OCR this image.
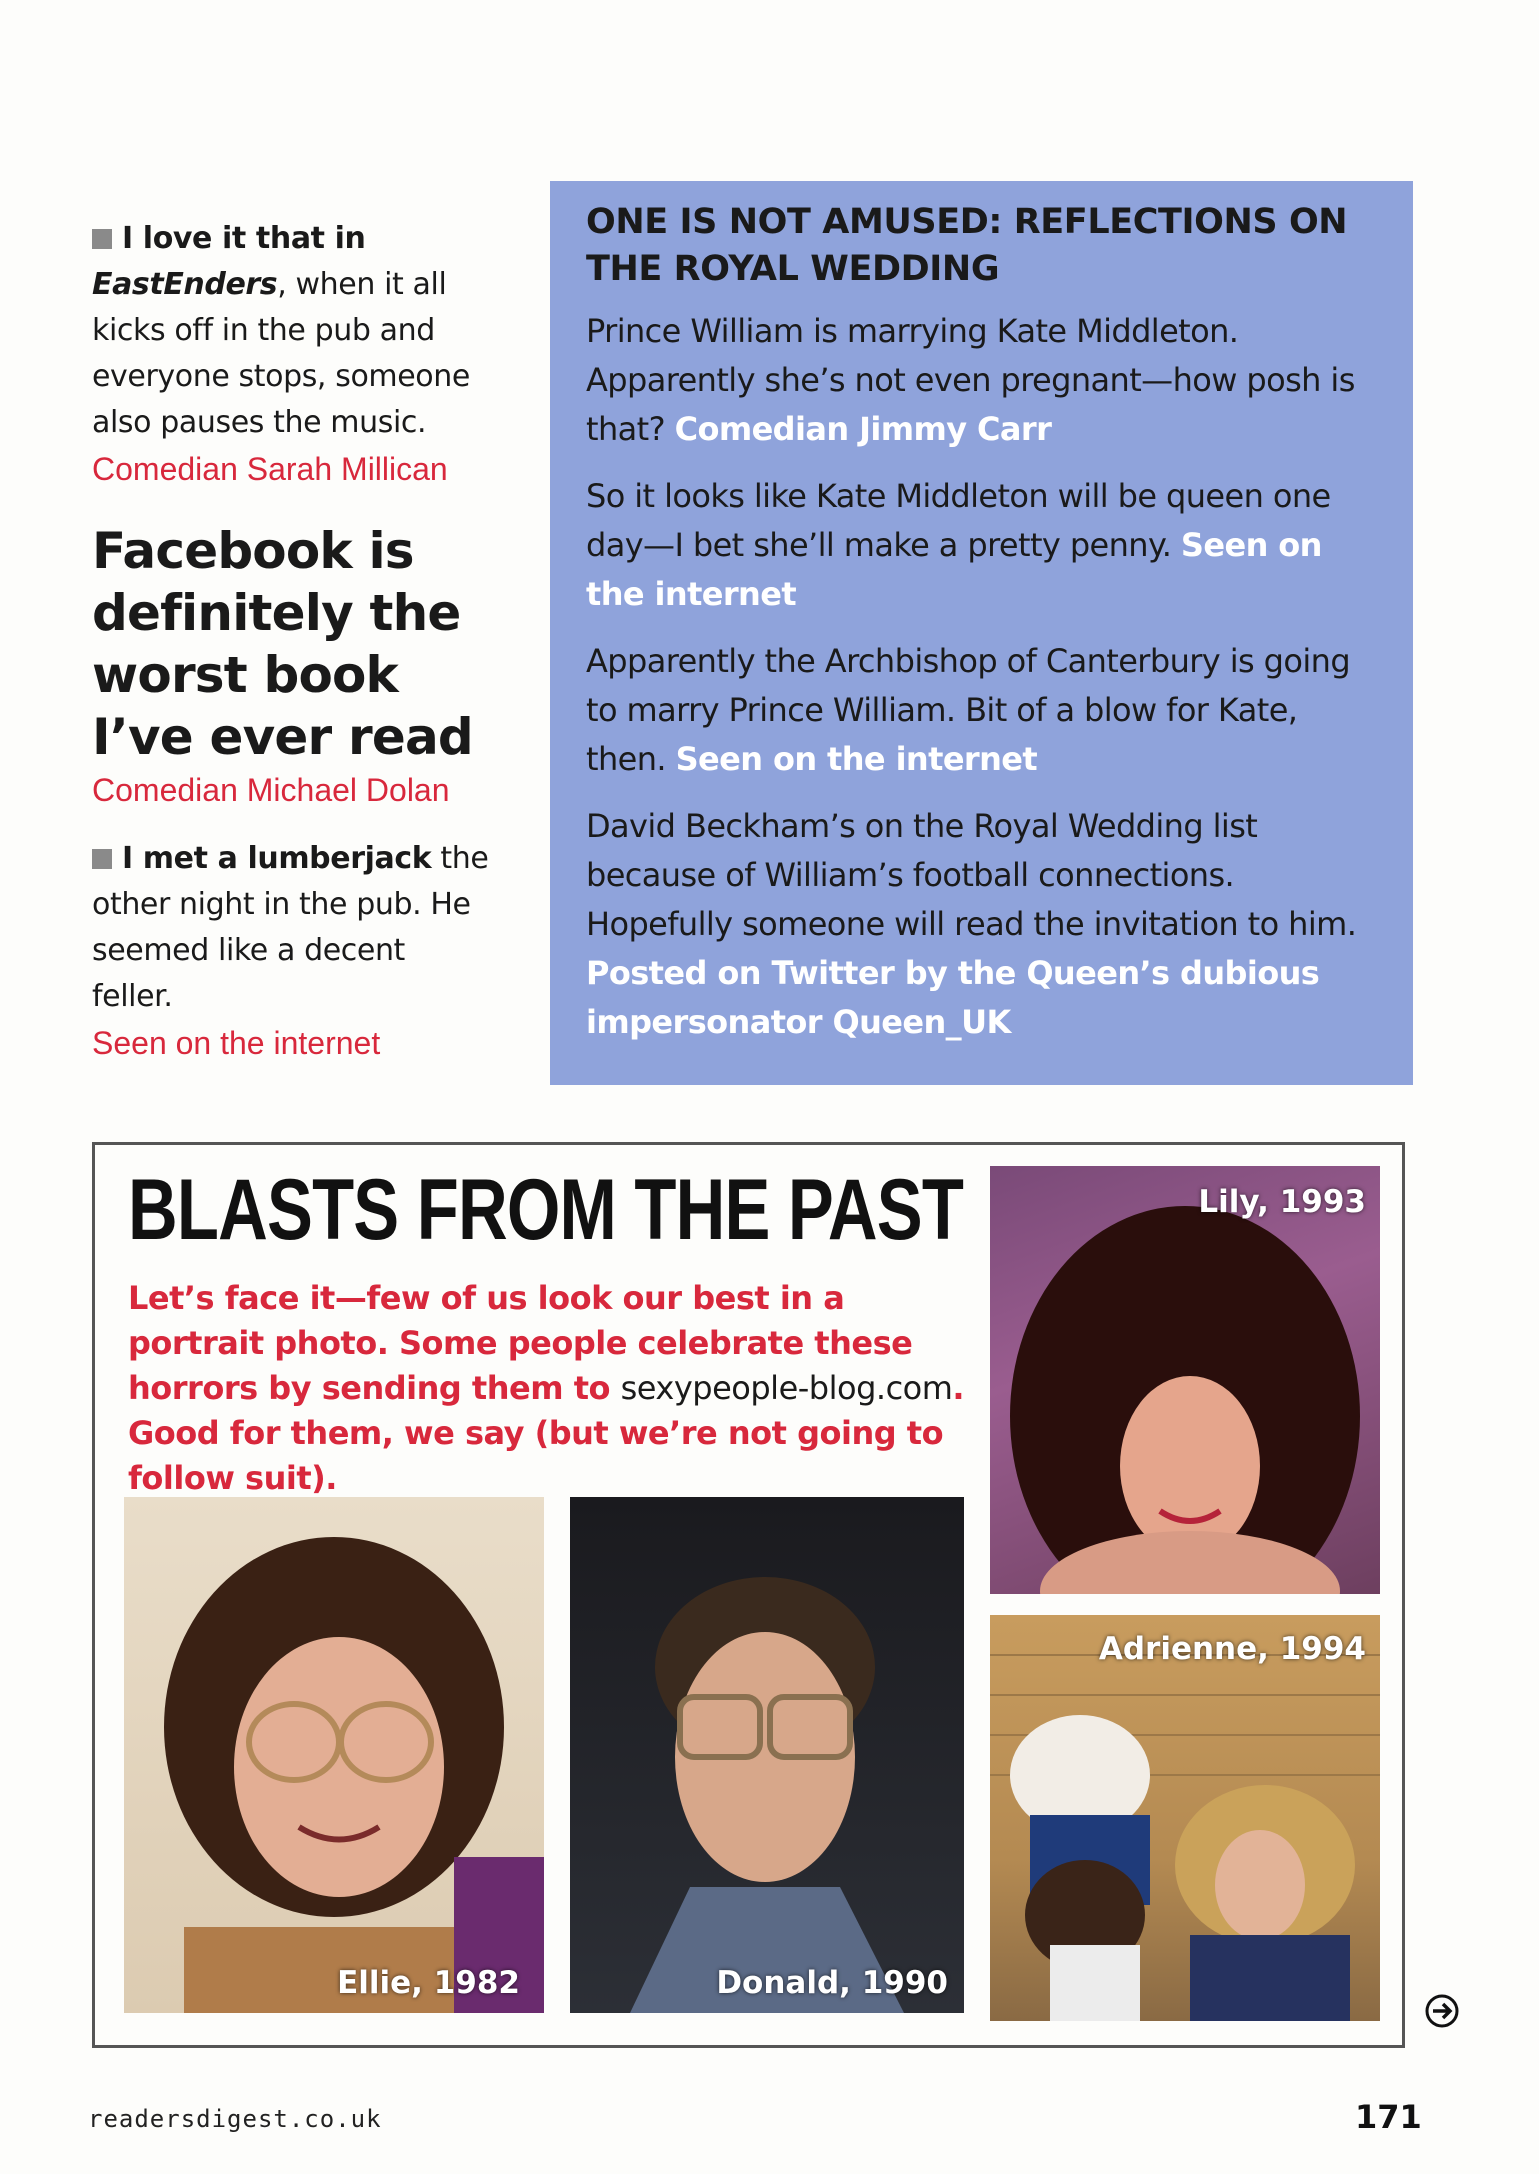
I love it that in
EastEnders, when it all kicks off in the pub and everyone stops, someone also pauses the music.
Comedian Sarah Millican
Facebook is definitely the worst book I’ve ever read
Comedian Michael Dolan
I met a lumberjack the other night in the pub. He seemed like a decent feller.
Seen on the internet
ONE IS NOT AMUSED: REFLECTIONS ON THE ROYAL WEDDING

Prince William is marrying Kate Middleton. Apparently she’s not even pregnant—how posh is that? Comedian Jimmy Carr

So it looks like Kate Middleton will be queen one day—I bet she’ll make a pretty penny. Seen on the internet

Apparently the Archbishop of Canterbury is going to marry Prince William. Bit of a blow for Kate, then. Seen on the internet

David Beckham’s on the Royal Wedding list because of William’s football connections. Hopefully someone will read the invitation to him. Posted on Twitter by the Queen’s dubious impersonator Queen_UK

BLASTS FROM THE PAST
Let’s face it—few of us look our best in a portrait photo. Some people celebrate these horrors by sending them to sexypeople-blog.com. Good for them, we say (but we’re not going to follow suit).
Lily, 1993
Adrienne, 1994
Ellie, 1982	Donald, 1990
readersdigest.co.uk	171
